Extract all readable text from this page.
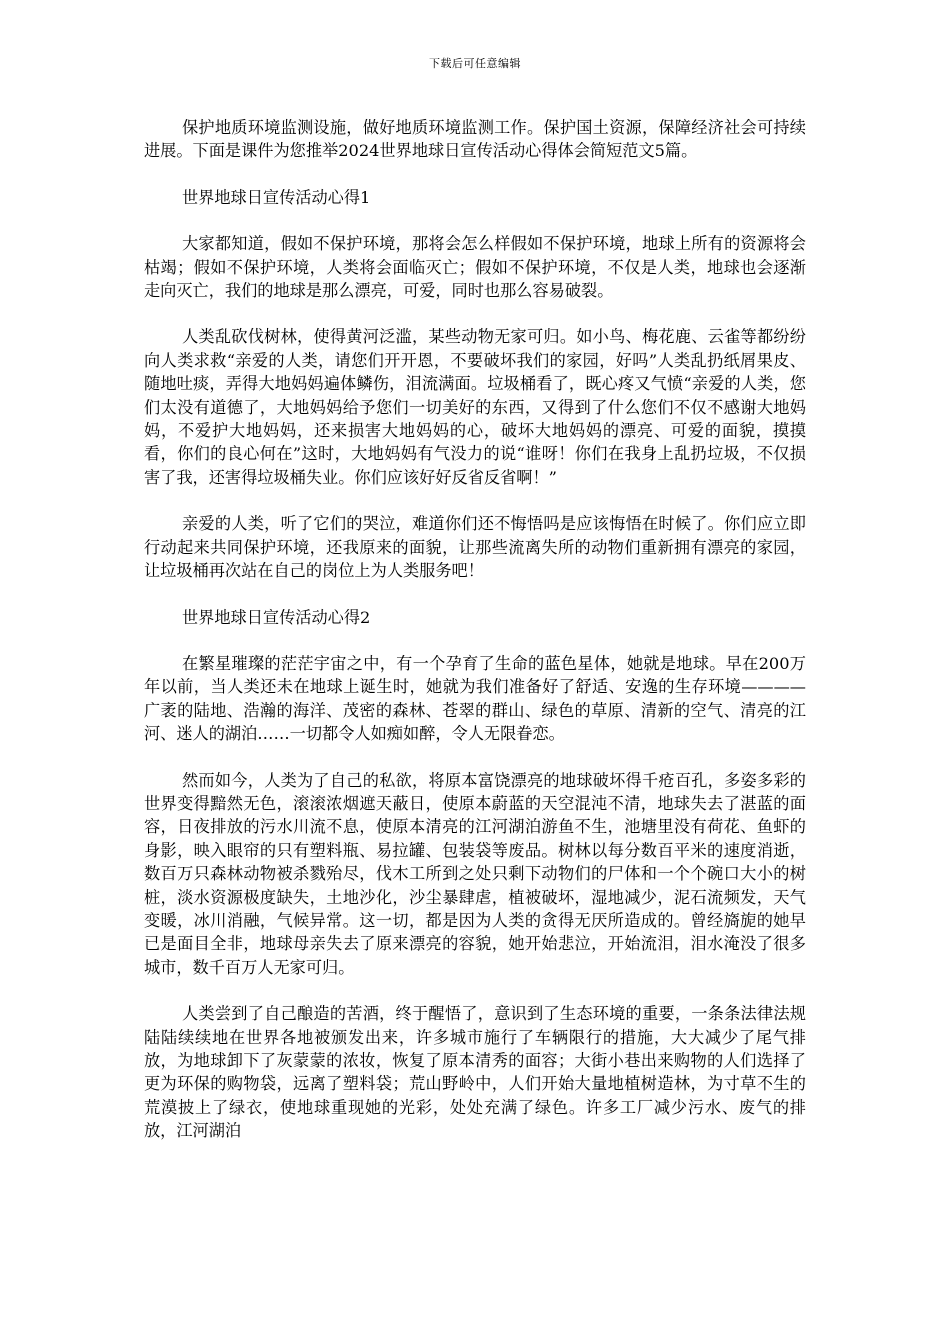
下载后可任意编辑

保护地质环境监测设施，做好地质环境监测工作。保护国土资源，保障经济社会可持续进展。下面是课件为您推举2024世界地球日宣传活动心得体会简短范文5篇。

世界地球日宣传活动心得1

大家都知道，假如不保护环境，那将会怎么样假如不保护环境，地球上所有的资源将会枯竭；假如不保护环境，人类将会面临灭亡；假如不保护环境，不仅是人类，地球也会逐渐走向灭亡，我们的地球是那么漂亮，可爱，同时也那么容易破裂。

人类乱砍伐树林，使得黄河泛滥，某些动物无家可归。如小鸟、梅花鹿、云雀等都纷纷向人类求救“亲爱的人类，请您们开开恩，不要破坏我们的家园，好吗”人类乱扔纸屑果皮、随地吐痰，弄得大地妈妈遍体鳞伤，泪流满面。垃圾桶看了，既心疼又气愤“亲爱的人类，您们太没有道德了，大地妈妈给予您们一切美好的东西，又得到了什么您们不仅不感谢大地妈妈，不爱护大地妈妈，还来损害大地妈妈的心，破坏大地妈妈的漂亮、可爱的面貌，摸摸看，你们的良心何在”这时，大地妈妈有气没力的说“谁呀！你们在我身上乱扔垃圾，不仅损害了我，还害得垃圾桶失业。你们应该好好反省反省啊！”

亲爱的人类，听了它们的哭泣，难道你们还不悔悟吗是应该悔悟在时候了。你们应立即行动起来共同保护环境，还我原来的面貌，让那些流离失所的动物们重新拥有漂亮的家园，让垃圾桶再次站在自己的岗位上为人类服务吧！

世界地球日宣传活动心得2

在繁星璀璨的茫茫宇宙之中，有一个孕育了生命的蓝色星体，她就是地球。早在200万年以前，当人类还未在地球上诞生时，她就为我们准备好了舒适、安逸的生存环境————广袤的陆地、浩瀚的海洋、茂密的森林、苍翠的群山、绿色的草原、清新的空气、清亮的江河、迷人的湖泊……一切都令人如痴如醉，令人无限眷恋。

然而如今，人类为了自己的私欲，将原本富饶漂亮的地球破坏得千疮百孔，多姿多彩的世界变得黯然无色，滚滚浓烟遮天蔽日，使原本蔚蓝的天空混沌不清，地球失去了湛蓝的面容，日夜排放的污水川流不息，使原本清亮的江河湖泊游鱼不生，池塘里没有荷花、鱼虾的身影，映入眼帘的只有塑料瓶、易拉罐、包装袋等废品。树林以每分数百平米的速度消逝，数百万只森林动物被杀戮殆尽，伐木工所到之处只剩下动物们的尸体和一个个碗口大小的树桩，淡水资源极度缺失，土地沙化，沙尘暴肆虐，植被破坏，湿地减少，泥石流频发，天气变暖，冰川消融，气候异常。这一切，都是因为人类的贪得无厌所造成的。曾经旖旎的她早已是面目全非，地球母亲失去了原来漂亮的容貌，她开始悲泣，开始流泪，泪水淹没了很多城市，数千百万人无家可归。

人类尝到了自己酿造的苦酒，终于醒悟了，意识到了生态环境的重要，一条条法律法规陆陆续续地在世界各地被颁发出来，许多城市施行了车辆限行的措施，大大减少了尾气排放，为地球卸下了灰蒙蒙的浓妆，恢复了原本清秀的面容；大街小巷出来购物的人们选择了更为环保的购物袋，远离了塑料袋；荒山野岭中，人们开始大量地植树造林，为寸草不生的荒漠披上了绿衣，使地球重现她的光彩，处处充满了绿色。许多工厂减少污水、废气的排放，江河湖泊
